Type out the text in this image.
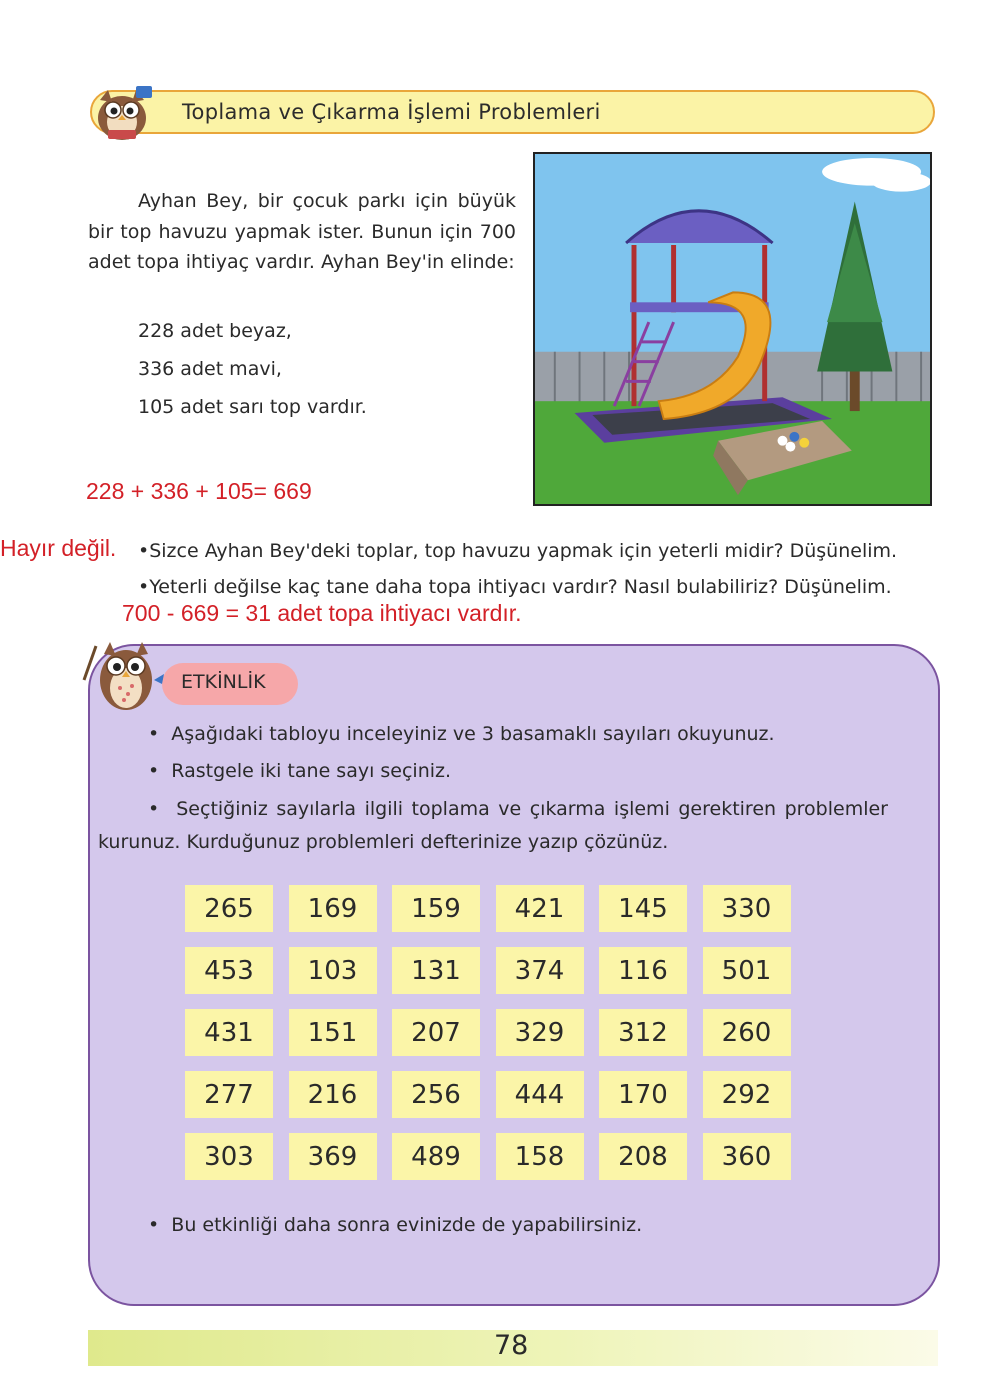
Toplama ve Çıkarma İşlemi Problemleri
Ayhan Bey, bir çocuk parkı için büyük bir top havuzu yapmak ister. Bunun için 700 adet topa ihtiyaç vardır. Ayhan Bey'in elinde:
228 adet beyaz,
336 adet mavi,
105 adet sarı top vardır.
228 + 336 + 105= 669
Hayır değil. •Sizce Ayhan Bey'deki toplar, top havuzu yapmak için yeterli midir? Düşünelim.
•Yeterli değilse kaç tane daha topa ihtiyacı vardır? Nasıl bulabiliriz? Düşünelim.
700 - 669 = 31 adet topa ihtiyacı vardır.
ETKİNLİK
•  Aşağıdaki tabloyu inceleyiniz ve 3 basamaklı sayıları okuyunuz.
•  Rastgele iki tane sayı seçiniz.
•  Seçtiğiniz sayılarla ilgili toplama ve çıkarma işlemi gerektiren problemler kurunuz. Kurduğunuz problemleri defterinize yazıp çözünüz.
265	169	159	421	145	330
453	103	131	374	116	501
431	151	207	329	312	260
277	216	256	444	170	292
303	369	489	158	208	360
•  Bu etkinliği daha sonra evinizde de yapabilirsiniz.
78
